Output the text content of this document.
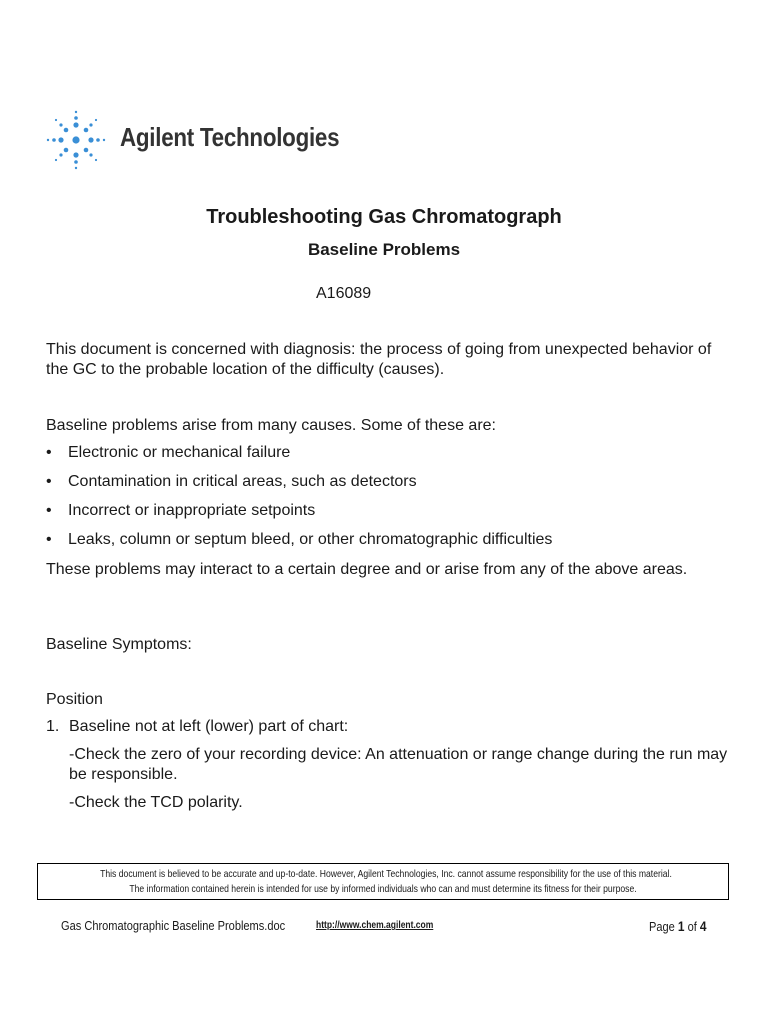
Agilent Technologies
Troubleshooting Gas Chromatograph
Baseline Problems
A16089
This document is concerned with diagnosis: the process of going from unexpected behavior of the GC to the probable location of the difficulty (causes).
Baseline problems arise from many causes. Some of these are:
• Electronic or mechanical failure
• Contamination in critical areas, such as detectors
• Incorrect or inappropriate setpoints
• Leaks, column or septum bleed, or other chromatographic difficulties
These problems may interact to a certain degree and or arise from any of the above areas.
Baseline Symptoms:
Position
1. Baseline not at left (lower) part of chart:
-Check the zero of your recording device: An attenuation or range change during the run may be responsible.
-Check the TCD polarity.
This document is believed to be accurate and up-to-date. However, Agilent Technologies, Inc. cannot assume responsibility for the use of this material.
The information contained herein is intended for use by informed individuals who can and must determine its fitness for their purpose.
Gas Chromatographic Baseline Problems.doc	http://www.chem.agilent.com	Page 1 of 4
